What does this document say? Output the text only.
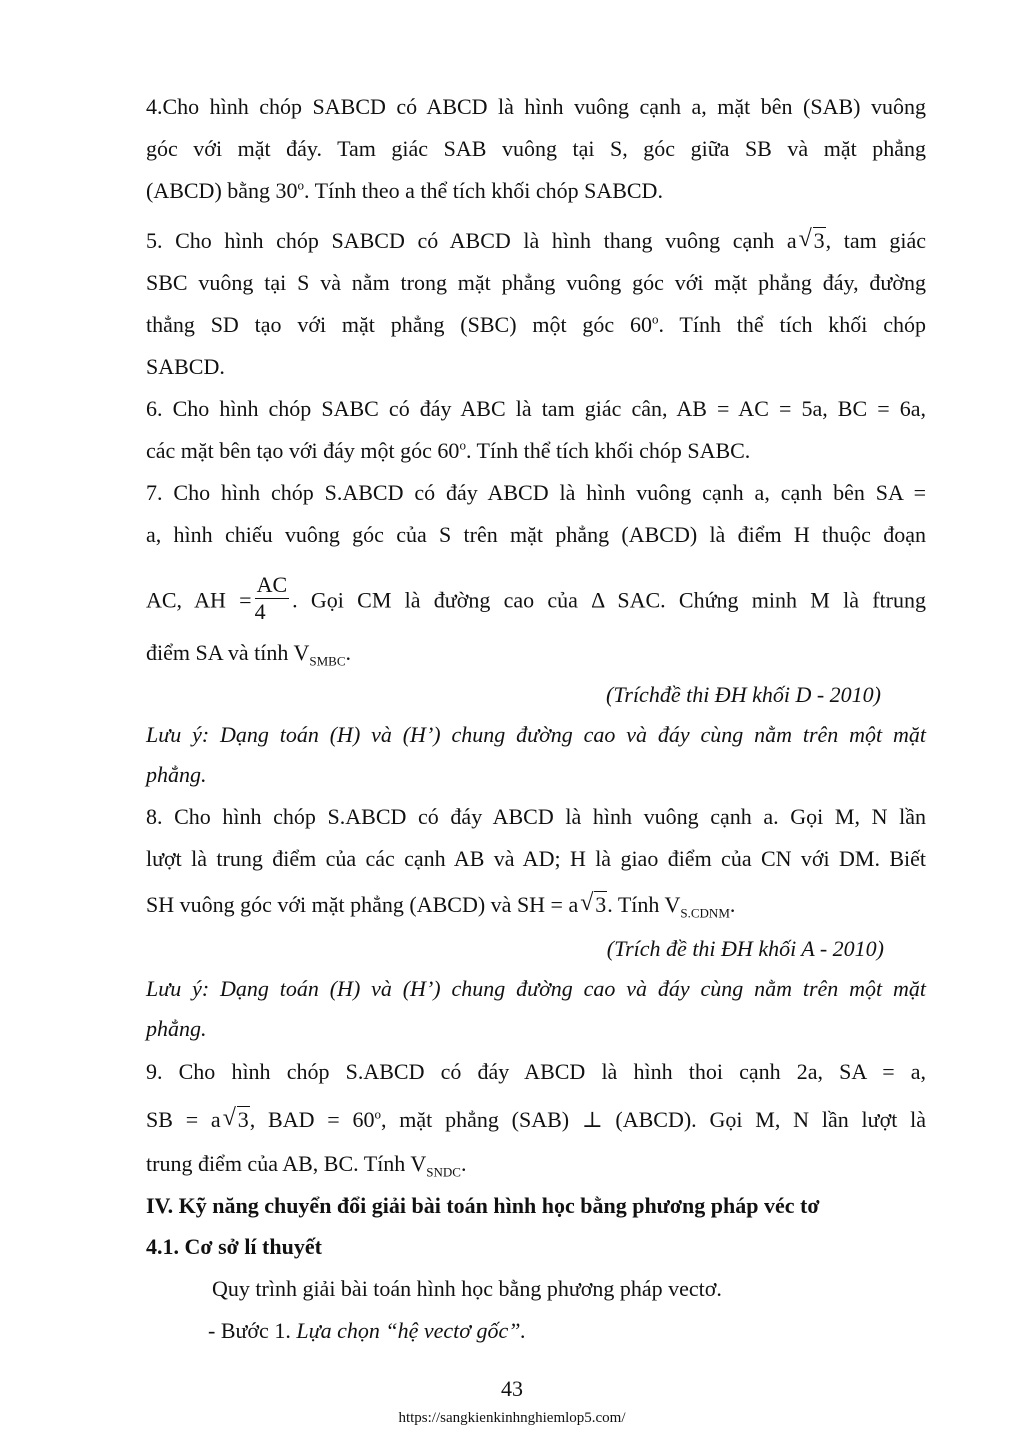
4.Cho hình chóp SABCD có ABCD là hình vuông cạnh a, mặt bên (SAB) vuông
góc với mặt đáy. Tam giác SAB vuông tại S, góc giữa SB và mặt phẳng
(ABCD) bằng 30$^o$. Tính theo a thể tích khối chóp SABCD.
5. Cho hình chóp SABCD có ABCD là hình thang vuông cạnh a √ 3, tam giác
SBC vuông tại S và nằm trong mặt phẳng vuông góc với mặt phẳng đáy, đường
thẳng SD tạo với mặt phẳng (SBC) một góc 60$^o$. Tính thể tích khối chóp
SABCD.
6. Cho hình chóp SABC có đáy ABC là tam giác cân, AB = AC = 5a, BC = 6a,
các mặt bên tạo với đáy một góc 60$^o$. Tính thể tích khối chóp SABC.
7. Cho hình chóp S.ABCD có đáy ABCD là hình vuông cạnh a, cạnh bên SA =
a, hình chiếu vuông góc của S trên mặt phẳng (ABCD) là điểm H thuộc đoạn
AC, AH = $\frac{AC}{4}$ . Gọi CM là đường cao của Δ SAC. Chứng minh M là ftrung
điểm SA và tính $V_{SMBC}$.
(Tríchđề thi ĐH khối D - 2010)
Lưu ý: Dạng toán (H) và (H’) chung đường cao và đáy cùng nằm trên một mặt
phẳng.
8. Cho hình chóp S.ABCD có đáy ABCD là hình vuông cạnh a. Gọi M, N lần
lượt là trung điểm của các cạnh AB và AD; H là giao điểm của CN với DM. Biết
SH vuông góc với mặt phẳng (ABCD) và SH = a √ 3. Tính $V_{S.CDNM}$.
(Trích đề thi ĐH khối A - 2010)
Lưu ý: Dạng toán (H) và (H’) chung đường cao và đáy cùng nằm trên một mặt
phẳng.
9. Cho hình chóp S.ABCD có đáy ABCD là hình thoi cạnh 2a, SA = a,
SB = a √ 3, BAD = $60^o$, mặt phẳng (SAB) ⊥ (ABCD). Gọi M, N lần lượt là
trung điểm của AB, BC. Tính $V_{SNDC}$.
IV. Kỹ năng chuyển đổi giải bài toán hình học bằng phương pháp véc tơ
4.1. Cơ sở lí thuyết
Quy trình giải bài toán hình học bằng phương pháp vectơ.
- Bước 1. Lựa chọn “hệ vectơ gốc”.
43
https://sangkienkinhnghiemlop5.com/
